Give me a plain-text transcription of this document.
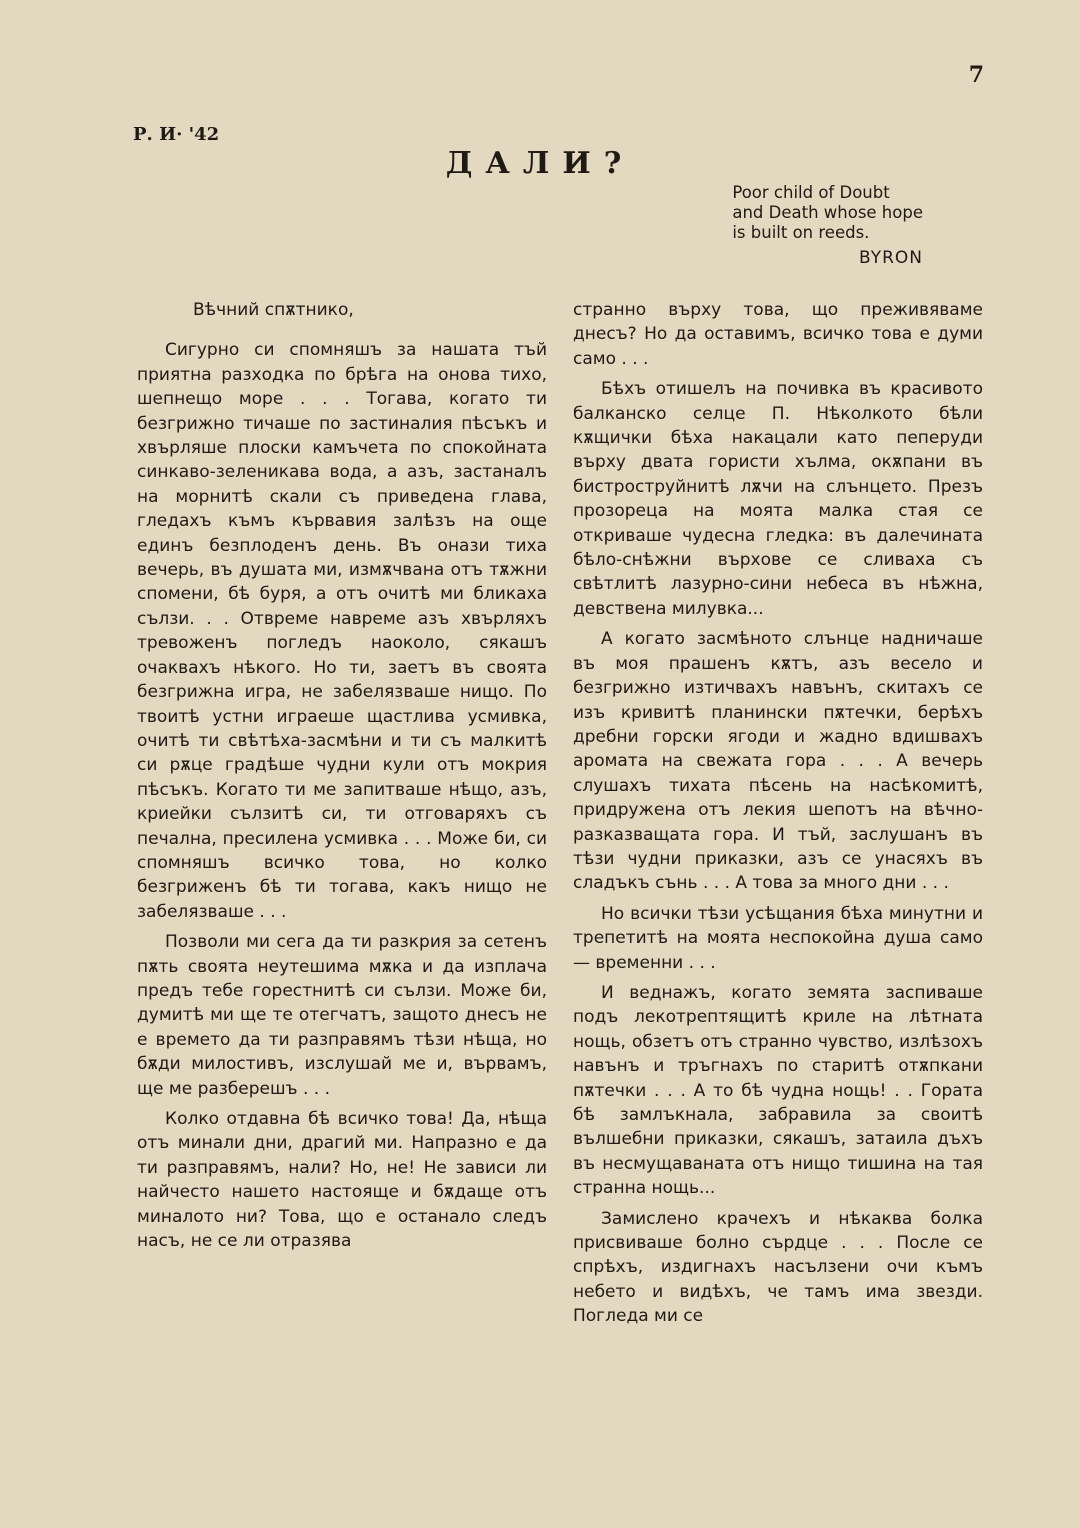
7
Р. И· '42
ДАЛИ?
Poor child of Doubt
and Death whose hope
is built on reeds.
BYRON
Вѣчний спѫтнико,

Сигурно си спомняшъ за нашата тъй приятна разходка по брѣга на онова тихо, шепнещо море . . . Тогава, когато ти безгрижно тичаше по застиналия пѣсъкъ и хвърляше плоски камъчета по спокойната синкаво-зеленикава вода, а азъ, застаналъ на морнитѣ скали съ приведена глава, гледахъ къмъ кървавия залѣзъ на още единъ безплоденъ день. Въ онази тиха вечерь, въ душата ми, измѫчвана отъ тѫжни спомени, бѣ буря, а отъ очитѣ ми бликаха сълзи. . . Отвреме навреме азъ хвърляхъ тревоженъ погледъ наоколо, сякашъ очаквахъ нѣкого. Но ти, заетъ въ своята безгрижна игра, не забелязваше нищо. По твоитѣ устни играеше щастлива усмивка, очитѣ ти свѣтѣха-засмѣни и ти съ малкитѣ си рѫце градѣше чудни кули отъ мокрия пѣсъкъ. Когато ти ме запитваше нѣщо, азъ, криейки сълзитѣ си, ти отговаряхъ съ печална, пресилена усмивка . . . Може би, си спомняшъ всичко това, но колко безгриженъ бѣ ти тогава, какъ нищо не забелязваше . . .

Позволи ми сега да ти разкрия за сетенъ пѫть своята неутешима мѫка и да изплача предъ тебе горестнитѣ си сълзи. Може би, думитѣ ми ще те отегчатъ, защото днесъ не е времето да ти разправямъ тѣзи нѣща, но бѫди милостивъ, изслушай ме и, вървамъ, ще ме разберешъ . . .

Колко отдавна бѣ всичко това! Да, нѣща отъ минали дни, драгий ми. Напразно е да ти разправямъ, нали? Но, не! Не зависи ли найчесто нашето настояще и бѫдаще отъ миналото ни? Това, що е останало следъ насъ, не се ли отразява

странно върху това, що преживяваме днесъ? Но да оставимъ, всичко това е думи само . . .

Бѣхъ отишелъ на почивка въ красивото балканско селце П. Нѣколкото бѣли кѫщички бѣха накацали като пеперуди върху двата гористи хълма, окѫпани въ бистроструйнитѣ лѫчи на слънцето. Презъ прозореца на моята малка стая се откриваше чудесна гледка: въ далечината бѣло-снѣжни върхове се сливаха съ свѣтлитѣ лазурно-сини небеса въ нѣжна, девствена милувка...

А когато засмѣното слънце надничаше въ моя прашенъ кѫтъ, азъ весело и безгрижно изтичвахъ навънъ, скитахъ се изъ кривитѣ планински пѫтечки, берѣхъ дребни горски ягоди и жадно вдишвахъ аромата на свежата гора . . . А вечерь слушахъ тихата пѣсень на насѣкомитѣ, придружена отъ лекия шепотъ на вѣчно-разказващата гора. И тъй, заслушанъ въ тѣзи чудни приказки, азъ се унасяхъ въ сладъкъ сънь . . . А това за много дни . . .

Но всички тѣзи усѣщания бѣха минутни и трепетитѣ на моята неспокойна душа само — временни . . .

И веднажъ, когато земята заспиваше подъ лекотрептящитѣ криле на лѣтната нощь, обзетъ отъ странно чувство, излѣзохъ навънъ и тръгнахъ по старитѣ отѫпкани пѫтечки . . . А то бѣ чудна нощь! . . Гората бѣ замлъкнала, забравила за своитѣ вълшебни приказки, сякашъ, затаила дъхъ въ несмущаваната отъ нищо тишина на тая странна нощь...

Замислено крачехъ и нѣкаква болка присвиваше болно сърдце . . . После се спрѣхъ, издигнахъ насълзени очи къмъ небето и видѣхъ, че тамъ има звезди. Погледа ми се
